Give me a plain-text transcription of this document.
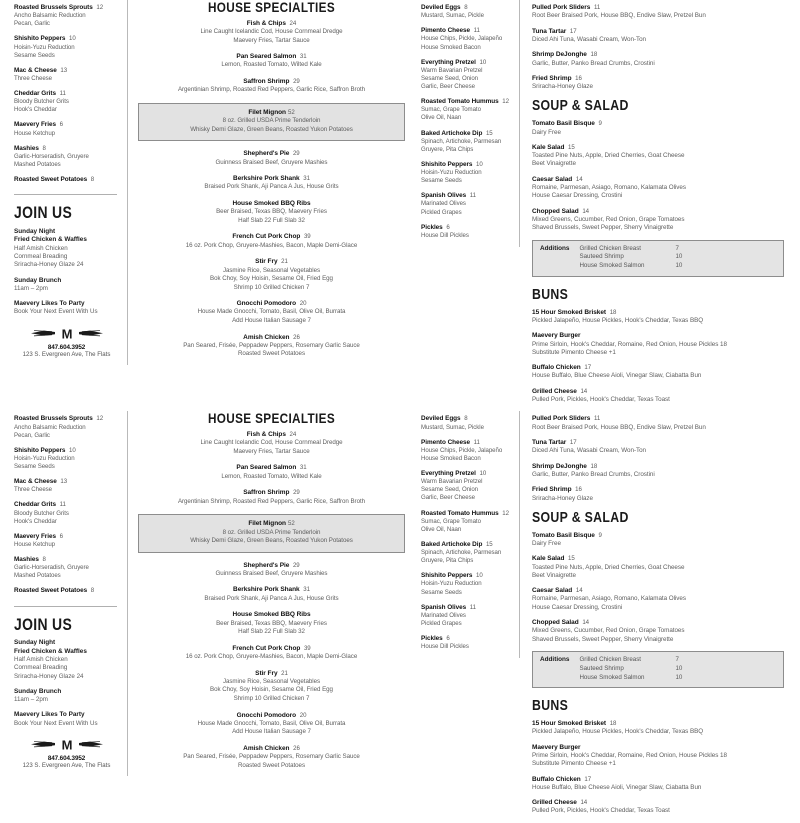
Roasted Brussels Sprouts 12
Ancho Balsamic Reduction
Pecan, Garlic
Shishito Peppers 10
Hoisin-Yuzu Reduction
Sesame Seeds
Mac & Cheese 13
Three Cheese
Cheddar Grits 11
Bloody Butcher Grits
Hook's Cheddar
Maevery Fries 6
House Ketchup
Mashies 8
Garlic-Horseradish, Gruyere
Mashed Potatoes
Roasted Sweet Potatoes 8
JOIN US
Sunday Night
Fried Chicken & Waffles
Half Amish Chicken
Cornmeal Breading
Sriracha-Honey Glaze 24
Sunday Brunch
11am – 2pm
Maevery Likes To Party
Book Your Next Event With Us
M
847.604.3952
123 S. Evergreen Ave, The Flats
HOUSE SPECIALTIES
Fish & Chips 24
Line Caught Icelandic Cod, House Cornmeal Dredge
Maevery Fries, Tartar Sauce
Pan Seared Salmon 31
Lemon, Roasted Tomato, Wilted Kale
Saffron Shrimp 29
Argentinian Shrimp, Roasted Red Peppers, Garlic Rice, Saffron Broth
Filet Mignon 52
8 oz. Grilled USDA Prime Tenderloin
Whisky Demi Glaze, Green Beans, Roasted Yukon Potatoes
Shepherd's Pie 29
Guinness Braised Beef, Gruyere Mashies
Berkshire Pork Shank 31
Braised Pork Shank, Aji Panca A Jus, House Grits
House Smoked BBQ Ribs
Beer Braised, Texas BBQ, Maevery Fries
Half Slab 22 Full Slab 32
French Cut Pork Chop 39
16 oz. Pork Chop, Gruyere-Mashies, Bacon, Maple Demi-Glace
Stir Fry 21
Jasmine Rice, Seasonal Vegetables
Bok Choy, Soy Hoisin, Sesame Oil, Fried Egg
Shrimp 10 Grilled Chicken 7
Gnocchi Pomodoro 20
House Made Gnocchi, Tomato, Basil, Olive Oil, Burrata
Add House Italian Sausage 7
Amish Chicken 26
Pan Seared, Frisée, Peppadew Peppers, Rosemary Garlic Sauce
Roasted Sweet Potatoes
Deviled Eggs 8
Mustard, Sumac, Pickle
Pimento Cheese 11
House Chips, Pickle, Jalapeño
House Smoked Bacon
Everything Pretzel 10
Warm Bavarian Pretzel
Sesame Seed, Onion
Garlic, Beer Cheese
Roasted Tomato Hummus 12
Sumac, Grape Tomato
Olive Oil, Naan
Baked Artichoke Dip 15
Spinach, Artichoke, Parmesan
Gruyere, Pita Chips
Shishito Peppers 10
Hoisin-Yuzu Reduction
Sesame Seeds
Spanish Olives 11
Marinated Olives
Pickled Grapes
Pickles 6
House Dill Pickles
Pulled Pork Sliders 11
Root Beer Braised Pork, House BBQ, Endive Slaw, Pretzel Bun
Tuna Tartar 17
Diced Ahi Tuna, Wasabi Cream, Won-Ton
Shrimp DeJonghe 18
Garlic, Butter, Panko Bread Crumbs, Crostini
Fried Shrimp 16
Sriracha-Honey Glaze
SOUP & SALAD
Tomato Basil Bisque 9
Dairy Free
Kale Salad 15
Toasted Pine Nuts, Apple, Dried Cherries, Goat Cheese
Beet Vinaigrette
Caesar Salad 14
Romaine, Parmesan, Asiago, Romano, Kalamata Olives
House Caesar Dressing, Crostini
Chopped Salad 14
Mixed Greens, Cucumber, Red Onion, Grape Tomatoes
Shaved Brussels, Sweet Pepper, Sherry Vinaigrette
Additions Grilled Chicken Breast	7
Sauteed Shrimp	10
House Smoked Salmon	10
BUNS
15 Hour Smoked Brisket 18
Pickled Jalapeño, House Pickles, Hook's Cheddar, Texas BBQ
Maevery Burger
Prime Sirloin, Hook's Cheddar, Romaine, Red Onion, House Pickles 18
Substitute Pimento Cheese +1
Buffalo Chicken 17
House Buffalo, Blue Cheese Aioli, Vinegar Slaw, Ciabatta Bun
Grilled Cheese 14
Pulled Pork, Pickles, Hook's Cheddar, Texas Toast
Roasted Brussels Sprouts 12
Ancho Balsamic Reduction
Pecan, Garlic
Shishito Peppers 10
Hoisin-Yuzu Reduction
Sesame Seeds
Mac & Cheese 13
Three Cheese
Cheddar Grits 11
Bloody Butcher Grits
Hook's Cheddar
Maevery Fries 6
House Ketchup
Mashies 8
Garlic-Horseradish, Gruyere
Mashed Potatoes
Roasted Sweet Potatoes 8
JOIN US
Sunday Night
Fried Chicken & Waffles
Half Amish Chicken
Cornmeal Breading
Sriracha-Honey Glaze 24
Sunday Brunch
11am – 2pm
Maevery Likes To Party
Book Your Next Event With Us
M
847.604.3952
123 S. Evergreen Ave, The Flats
HOUSE SPECIALTIES
Fish & Chips 24
Line Caught Icelandic Cod, House Cornmeal Dredge
Maevery Fries, Tartar Sauce
Pan Seared Salmon 31
Lemon, Roasted Tomato, Wilted Kale
Saffron Shrimp 29
Argentinian Shrimp, Roasted Red Peppers, Garlic Rice, Saffron Broth
Filet Mignon 52
8 oz. Grilled USDA Prime Tenderloin
Whisky Demi Glaze, Green Beans, Roasted Yukon Potatoes
Shepherd's Pie 29
Guinness Braised Beef, Gruyere Mashies
Berkshire Pork Shank 31
Braised Pork Shank, Aji Panca A Jus, House Grits
House Smoked BBQ Ribs
Beer Braised, Texas BBQ, Maevery Fries
Half Slab 22 Full Slab 32
French Cut Pork Chop 39
16 oz. Pork Chop, Gruyere-Mashies, Bacon, Maple Demi-Glace
Stir Fry 21
Jasmine Rice, Seasonal Vegetables
Bok Choy, Soy Hoisin, Sesame Oil, Fried Egg
Shrimp 10 Grilled Chicken 7
Gnocchi Pomodoro 20
House Made Gnocchi, Tomato, Basil, Olive Oil, Burrata
Add House Italian Sausage 7
Amish Chicken 26
Pan Seared, Frisée, Peppadew Peppers, Rosemary Garlic Sauce
Roasted Sweet Potatoes
Deviled Eggs 8
Mustard, Sumac, Pickle
Pimento Cheese 11
House Chips, Pickle, Jalapeño
House Smoked Bacon
Everything Pretzel 10
Warm Bavarian Pretzel
Sesame Seed, Onion
Garlic, Beer Cheese
Roasted Tomato Hummus 12
Sumac, Grape Tomato
Olive Oil, Naan
Baked Artichoke Dip 15
Spinach, Artichoke, Parmesan
Gruyere, Pita Chips
Shishito Peppers 10
Hoisin-Yuzu Reduction
Sesame Seeds
Spanish Olives 11
Marinated Olives
Pickled Grapes
Pickles 6
House Dill Pickles
Pulled Pork Sliders 11
Root Beer Braised Pork, House BBQ, Endive Slaw, Pretzel Bun
Tuna Tartar 17
Diced Ahi Tuna, Wasabi Cream, Won-Ton
Shrimp DeJonghe 18
Garlic, Butter, Panko Bread Crumbs, Crostini
Fried Shrimp 16
Sriracha-Honey Glaze
SOUP & SALAD
Tomato Basil Bisque 9
Dairy Free
Kale Salad 15
Toasted Pine Nuts, Apple, Dried Cherries, Goat Cheese
Beet Vinaigrette
Caesar Salad 14
Romaine, Parmesan, Asiago, Romano, Kalamata Olives
House Caesar Dressing, Crostini
Chopped Salad 14
Mixed Greens, Cucumber, Red Onion, Grape Tomatoes
Shaved Brussels, Sweet Pepper, Sherry Vinaigrette
Additions Grilled Chicken Breast	7
Sauteed Shrimp	10
House Smoked Salmon	10
BUNS
15 Hour Smoked Brisket 18
Pickled Jalapeño, House Pickles, Hook's Cheddar, Texas BBQ
Maevery Burger
Prime Sirloin, Hook's Cheddar, Romaine, Red Onion, House Pickles 18
Substitute Pimento Cheese +1
Buffalo Chicken 17
House Buffalo, Blue Cheese Aioli, Vinegar Slaw, Ciabatta Bun
Grilled Cheese 14
Pulled Pork, Pickles, Hook's Cheddar, Texas Toast
